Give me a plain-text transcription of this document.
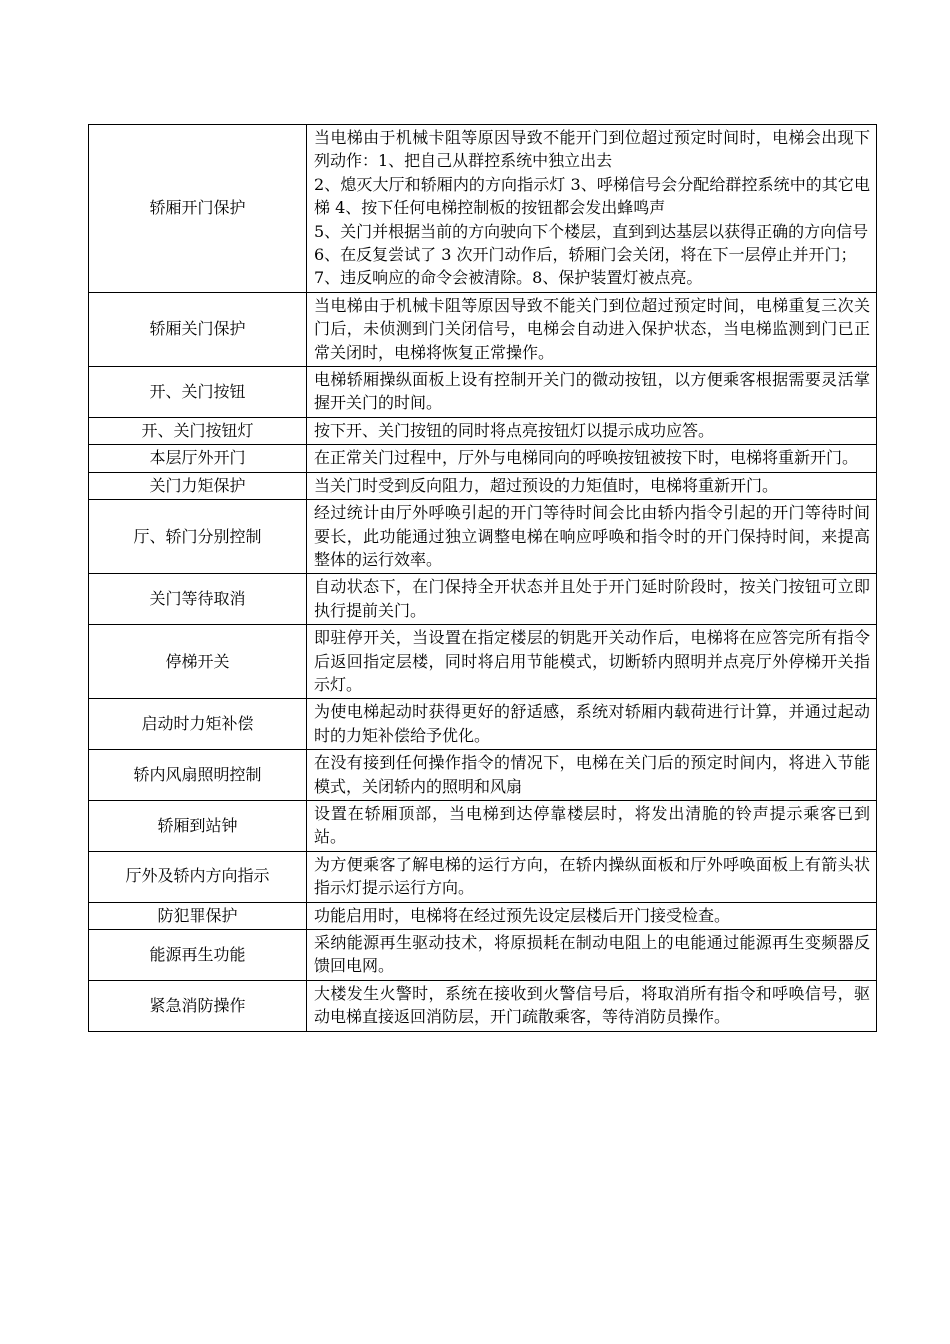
轿厢开门保护	当电梯由于机械卡阻等原因导致不能开门到位超过预定时间时，电梯会出现下列动作：1、把自己从群控系统中独立出去
2、熄灭大厅和轿厢内的方向指示灯 3、呼梯信号会分配给群控系统中的其它电梯 4、按下任何电梯控制板的按钮都会发出蜂鸣声
5、关门并根据当前的方向驶向下个楼层，直到到达基层以获得正确的方向信号
6、在反复尝试了 3 次开门动作后，轿厢门会关闭，将在下一层停止并开门；
7、违反响应的命令会被清除。8、保护装置灯被点亮。

轿厢关门保护	当电梯由于机械卡阻等原因导致不能关门到位超过预定时间，电梯重复三次关门后，未侦测到门关闭信号，电梯会自动进入保护状态，当电梯监测到门已正常关闭时，电梯将恢复正常操作。

开、关门按钮	电梯轿厢操纵面板上设有控制开关门的微动按钮，以方便乘客根据需要灵活掌握开关门的时间。

开、关门按钮灯	按下开、关门按钮的同时将点亮按钮灯以提示成功应答。

本层厅外开门	在正常关门过程中，厅外与电梯同向的呼唤按钮被按下时，电梯将重新开门。

关门力矩保护	当关门时受到反向阻力，超过预设的力矩值时，电梯将重新开门。

厅、轿门分别控制	经过统计由厅外呼唤引起的开门等待时间会比由轿内指令引起的开门等待时间要长，此功能通过独立调整电梯在响应呼唤和指令时的开门保持时间，来提高整体的运行效率。

关门等待取消	自动状态下，在门保持全开状态并且处于开门延时阶段时，按关门按钮可立即执行提前关门。

停梯开关	即驻停开关，当设置在指定楼层的钥匙开关动作后，电梯将在应答完所有指令后返回指定层楼，同时将启用节能模式，切断轿内照明并点亮厅外停梯开关指示灯。

启动时力矩补偿	为使电梯起动时获得更好的舒适感，系统对轿厢内载荷进行计算，并通过起动时的力矩补偿给予优化。

轿内风扇照明控制	在没有接到任何操作指令的情况下，电梯在关门后的预定时间内，将进入节能模式，关闭轿内的照明和风扇

轿厢到站钟	设置在轿厢顶部，当电梯到达停靠楼层时，将发出清脆的铃声提示乘客已到站。

厅外及轿内方向指示	为方便乘客了解电梯的运行方向，在轿内操纵面板和厅外呼唤面板上有箭头状指示灯提示运行方向。

防犯罪保护	功能启用时，电梯将在经过预先设定层楼后开门接受检查。

能源再生功能	采纳能源再生驱动技术，将原损耗在制动电阻上的电能通过能源再生变频器反馈回电网。

紧急消防操作	大楼发生火警时，系统在接收到火警信号后，将取消所有指令和呼唤信号，驱动电梯直接返回消防层，开门疏散乘客，等待消防员操作。
